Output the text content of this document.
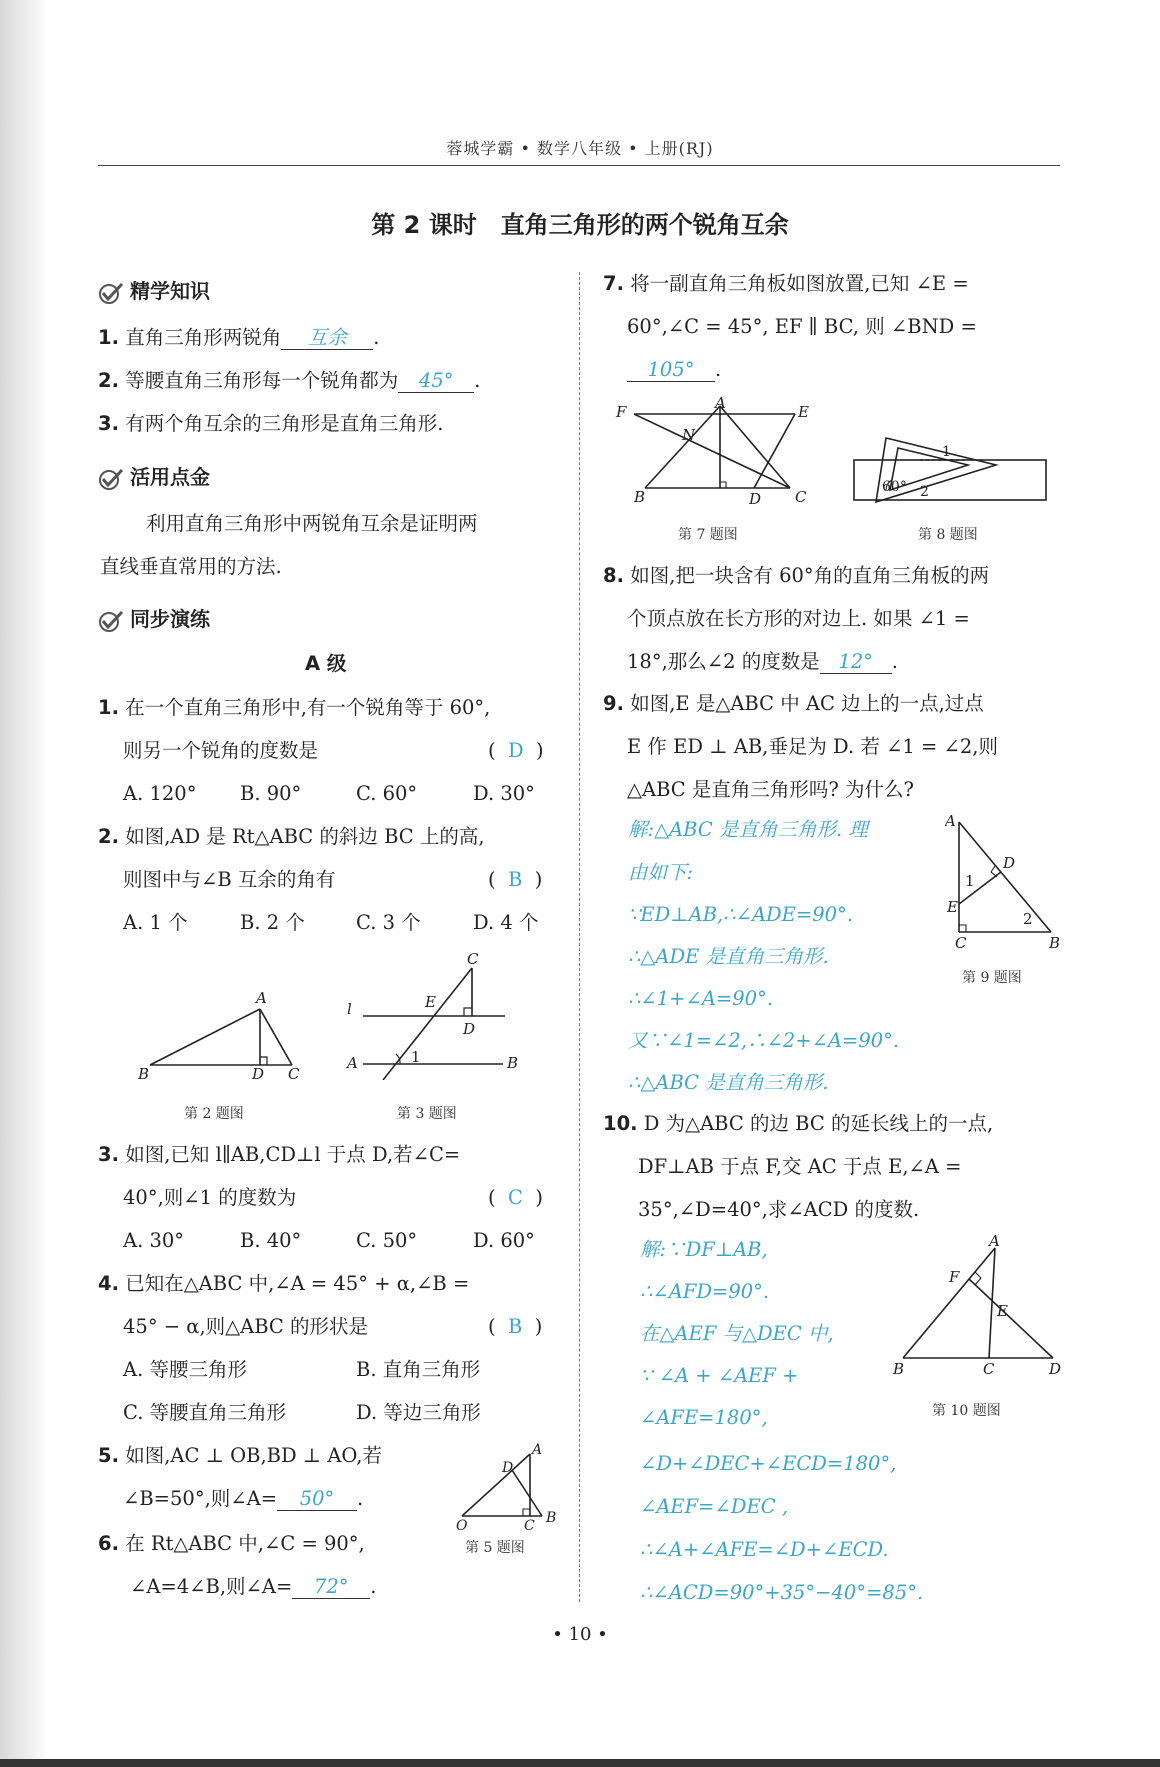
蓉城学霸 • 数学八年级 • 上册(RJ)
第 2 课时　直角三角形的两个锐角互余
精学知识
1. 直角三角形两锐角 互余 .
2. 等腰直角三角形每一个锐角都为 45° .
3. 有两个角互余的三角形是直角三角形.
活用点金
利用直角三角形中两锐角互余是证明两
直线垂直常用的方法.
同步演练
A 级
1. 在一个直角三角形中,有一个锐角等于 60°,
则另一个锐角的度数是	(  D  )
A. 120° B. 90°	C. 60°	D. 30°
2. 如图,AD 是 Rt△ABC 的斜边 BC 上的高,
则图中与∠B 互余的角有	(  B  )
A. 1 个	B. 2 个	C. 3 个	D. 4 个
A
B	D C
第 2 题图
l	E
C
D
A	B
1
第 3 题图
3. 如图,已知 l∥AB,CD⊥l 于点 D,若∠C=
40°,则∠1 的度数为	(  C  )
A. 30°	B. 40°	C. 50°	D. 60°
4. 已知在△ABC 中,∠A = 45° + α,∠B =
45° − α,则△ABC 的形状是	(  B  )
A. 等腰三角形	B. 直角三角形
C. 等腰直角三角形	D. 等边三角形
5. 如图,AC ⊥ OB,BD ⊥ AO,若
∠B=50°,则∠A= 50° .
A
D
O	C B
第 5 题图
6. 在 Rt△ABC 中,∠C = 90°,
∠A=4∠B,则∠A= 72° .
7. 将一副直角三角板如图放置,已知 ∠E =
60°,∠C = 45°, EF ∥ BC, 则 ∠BND =
105° .
F	A	E
N
B	D C
第 7 题图
1
2
60°
第 8 题图
8. 如图,把一块含有 60°角的直角三角板的两
个顶点放在长方形的对边上. 如果 ∠1 =
18°,那么∠2 的度数是 12° .
9. 如图,E 是△ABC 中 AC 边上的一点,过点
E 作 ED ⊥ AB,垂足为 D. 若 ∠1 = ∠2,则
△ABC 是直角三角形吗? 为什么?
解:△ABC 是直角三角形. 理
由如下:
∵ED⊥AB,∴∠ADE=90°.
∴△ADE 是直角三角形.
∴∠1+∠A=90°.
又∵∠1=∠2,∴∠2+∠A=90°.
∴△ABC 是直角三角形.
A
D
1
E
2
C	B
第 9 题图
10. D 为△ABC 的边 BC 的延长线上的一点,
DF⊥AB 于点 F,交 AC 于点 E,∠A =
35°,∠D=40°,求∠ACD 的度数.
解:∵DF⊥AB,
∴∠AFD=90°.
在△AEF 与△DEC 中,
∵ ∠A + ∠AEF +
∠AFE=180°,
∠D+∠DEC+∠ECD=180°,
∠AEF=∠DEC ,
∴∠A+∠AFE=∠D+∠ECD.
∴∠ACD=90°+35°−40°=85°.
A
F
E
B	C	D
第 10 题图
• 10 •
